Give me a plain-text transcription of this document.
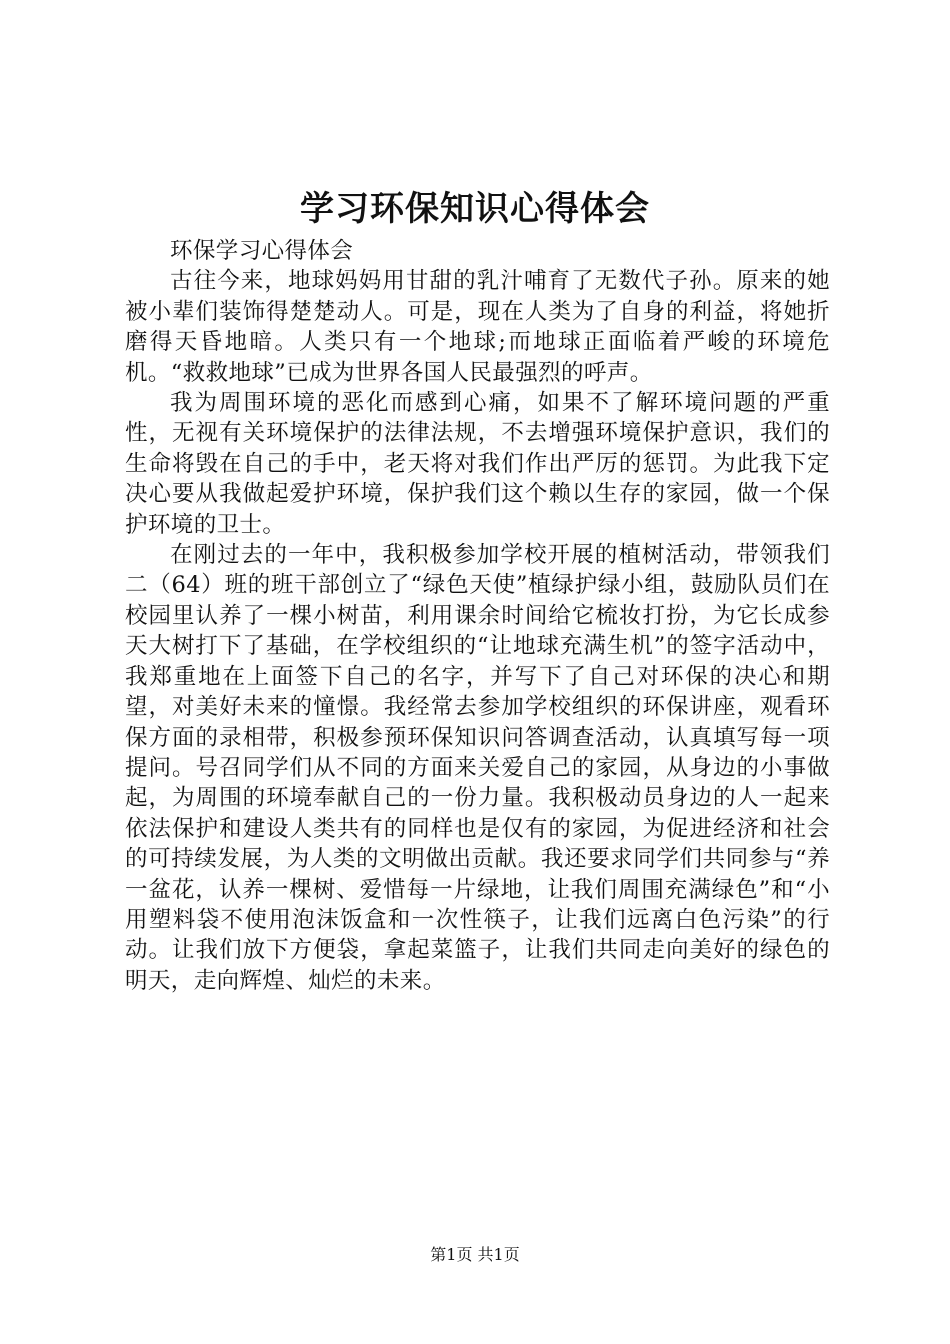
学习环保知识心得体会

环保学习心得体会

古往今来，地球妈妈用甘甜的乳汁哺育了无数代子孙。原来的她被小辈们装饰得楚楚动人。可是，现在人类为了自身的利益，将她折磨得天昏地暗。人类只有一个地球;而地球正面临着严峻的环境危机。“救救地球”已成为世界各国人民最强烈的呼声。

我为周围环境的恶化而感到心痛，如果不了解环境问题的严重性，无视有关环境保护的法律法规，不去增强环境保护意识，我们的生命将毁在自己的手中，老天将对我们作出严厉的惩罚。为此我下定决心要从我做起爱护环境，保护我们这个赖以生存的家园，做一个保护环境的卫士。

在刚过去的一年中，我积极参加学校开展的植树活动，带领我们二（64）班的班干部创立了“绿色天使”植绿护绿小组，鼓励队员们在校园里认养了一棵小树苗，利用课余时间给它梳妆打扮，为它长成参天大树打下了基础，在学校组织的“让地球充满生机”的签字活动中，我郑重地在上面签下自己的名字，并写下了自己对环保的决心和期望，对美好未来的憧憬。我经常去参加学校组织的环保讲座，观看环保方面的录相带，积极参预环保知识问答调查活动，认真填写每一项提问。号召同学们从不同的方面来关爱自己的家园，从身边的小事做起，为周围的环境奉献自己的一份力量。我积极动员身边的人一起来依法保护和建设人类共有的同样也是仅有的家园，为促进经济和社会的可持续发展，为人类的文明做出贡献。我还要求同学们共同参与“养一盆花，认养一棵树、爱惜每一片绿地，让我们周围充满绿色”和“小用塑料袋不使用泡沫饭盒和一次性筷子，让我们远离白色污染”的行动。让我们放下方便袋，拿起菜篮子，让我们共同走向美好的绿色的明天，走向辉煌、灿烂的未来。

第1页 共1页
